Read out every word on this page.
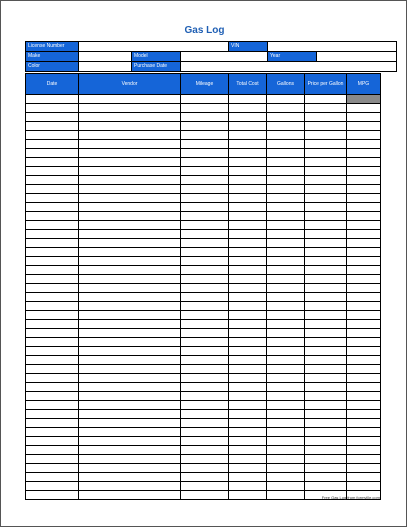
Gas Log
License Number				VIN		
Make		Model			Year	
Color		Purchase Date				
Date	Vendor	Mileage	Total Cost	Gallons	Price per Gallon	MPG

Free Gas Log from formville.com
